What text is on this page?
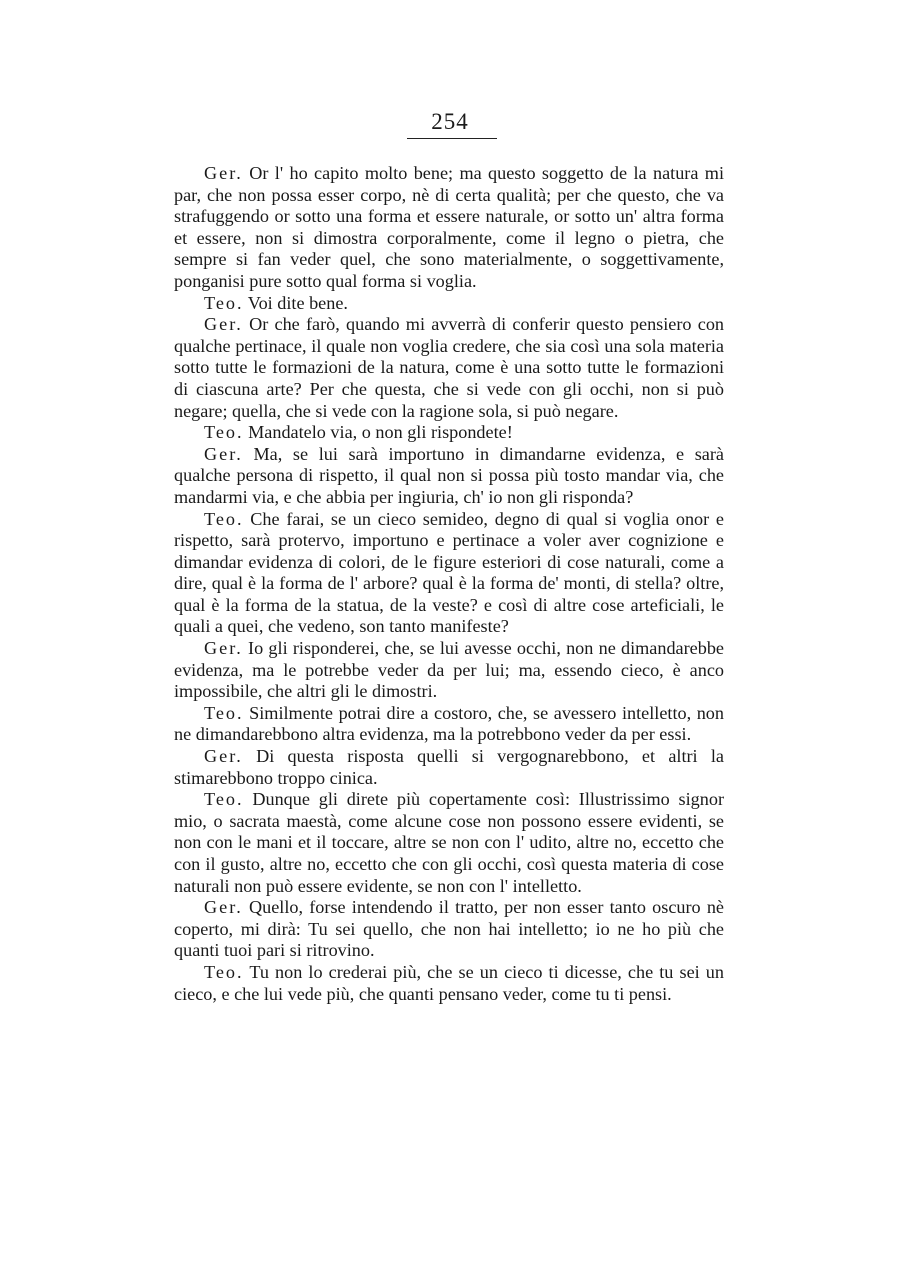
254

Ger. Or l' ho capito molto bene; ma questo soggetto de la natura mi par, che non possa esser corpo, nè di certa qualità; per che questo, che va strafuggendo or sotto una forma et essere naturale, or sotto un' altra forma et essere, non si dimostra corporalmente, come il legno o pietra, che sempre si fan veder quel, che sono materialmente, o soggettivamente, ponganisi pure sotto qual forma si voglia.

Teo. Voi dite bene.

Ger. Or che farò, quando mi avverrà di conferir questo pensiero con qualche pertinace, il quale non voglia credere, che sia così una sola materia sotto tutte le formazioni de la natura, come è una sotto tutte le formazioni di ciascuna arte? Per che questa, che si vede con gli occhi, non si può negare; quella, che si vede con la ragione sola, si può negare.

Teo. Mandatelo via, o non gli rispondete!

Ger. Ma, se lui sarà importuno in dimandarne evidenza, e sarà qualche persona di rispetto, il qual non si possa più tosto mandar via, che mandarmi via, e che abbia per ingiuria, ch' io non gli risponda?

Teo. Che farai, se un cieco semideo, degno di qual si voglia onor e rispetto, sarà protervo, importuno e pertinace a voler aver cognizione e dimandar evidenza di colori, de le figure esteriori di cose naturali, come a dire, qual è la forma de l' arbore? qual è la forma de' monti, di stella? oltre, qual è la forma de la statua, de la veste? e così di altre cose arteficiali, le quali a quei, che vedeno, son tanto manifeste?

Ger. Io gli risponderei, che, se lui avesse occhi, non ne dimandarebbe evidenza, ma le potrebbe veder da per lui; ma, essendo cieco, è anco impossibile, che altri gli le dimostri.

Teo. Similmente potrai dire a costoro, che, se avessero intelletto, non ne dimandarebbono altra evidenza, ma la potrebbono veder da per essi.

Ger. Di questa risposta quelli si vergognarebbono, et altri la stimarebbono troppo cinica.

Teo. Dunque gli direte più copertamente così: Illustrissimo signor mio, o sacrata maestà, come alcune cose non possono essere evidenti, se non con le mani et il toccare, altre se non con l' udito, altre no, eccetto che con il gusto, altre no, eccetto che con gli occhi, così questa materia di cose naturali non può essere evidente, se non con l' intelletto.

Ger. Quello, forse intendendo il tratto, per non esser tanto oscuro nè coperto, mi dirà: Tu sei quello, che non hai intelletto; io ne ho più che quanti tuoi pari si ritrovino.

Teo. Tu non lo crederai più, che se un cieco ti dicesse, che tu sei un cieco, e che lui vede più, che quanti pensano veder, come tu ti pensi.
